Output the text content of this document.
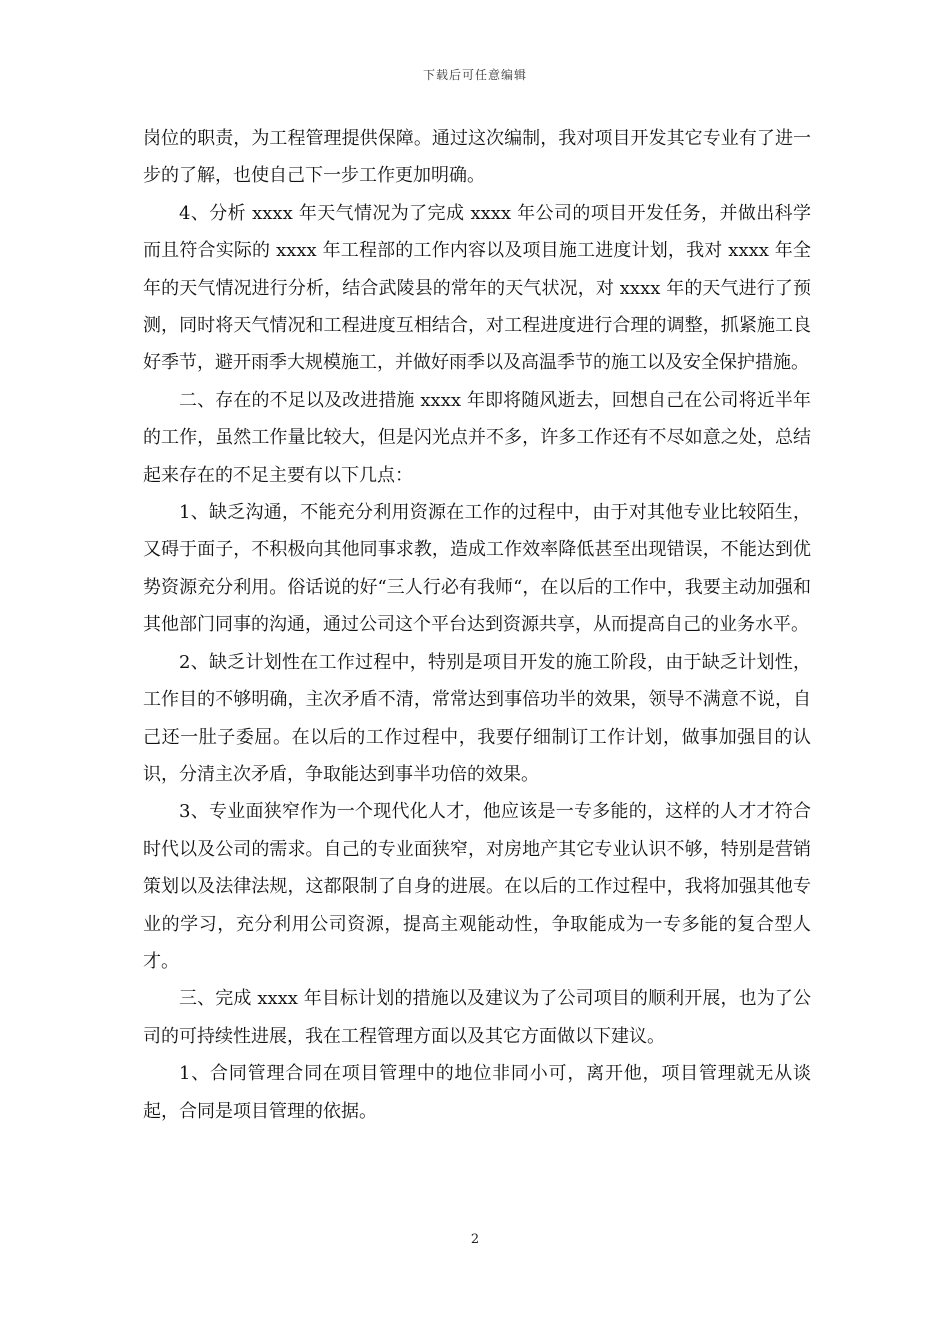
下载后可任意编辑

岗位的职责，为工程管理提供保障。通过这次编制，我对项目开发其它专业有了进一步的了解，也使自己下一步工作更加明确。

4、分析 xxxx 年天气情况为了完成 xxxx 年公司的项目开发任务，并做出科学而且符合实际的 xxxx 年工程部的工作内容以及项目施工进度计划，我对 xxxx 年全年的天气情况进行分析，结合武陵县的常年的天气状况，对 xxxx 年的天气进行了预测，同时将天气情况和工程进度互相结合，对工程进度进行合理的调整，抓紧施工良好季节，避开雨季大规模施工，并做好雨季以及高温季节的施工以及安全保护措施。

二、存在的不足以及改进措施 xxxx 年即将随风逝去，回想自己在公司将近半年的工作，虽然工作量比较大，但是闪光点并不多，许多工作还有不尽如意之处，总结起来存在的不足主要有以下几点：

1、缺乏沟通，不能充分利用资源在工作的过程中，由于对其他专业比较陌生，又碍于面子，不积极向其他同事求教，造成工作效率降低甚至出现错误，不能达到优势资源充分利用。俗话说的好“三人行必有我师“，在以后的工作中，我要主动加强和其他部门同事的沟通，通过公司这个平台达到资源共享，从而提高自己的业务水平。

2、缺乏计划性在工作过程中，特别是项目开发的施工阶段，由于缺乏计划性，工作目的不够明确，主次矛盾不清，常常达到事倍功半的效果，领导不满意不说，自己还一肚子委屈。在以后的工作过程中，我要仔细制订工作计划，做事加强目的认识，分清主次矛盾，争取能达到事半功倍的效果。

3、专业面狭窄作为一个现代化人才，他应该是一专多能的，这样的人才才符合时代以及公司的需求。自己的专业面狭窄，对房地产其它专业认识不够，特别是营销策划以及法律法规，这都限制了自身的进展。在以后的工作过程中，我将加强其他专业的学习，充分利用公司资源，提高主观能动性，争取能成为一专多能的复合型人才。

三、完成 xxxx 年目标计划的措施以及建议为了公司项目的顺利开展，也为了公司的可持续性进展，我在工程管理方面以及其它方面做以下建议。

1、合同管理合同在项目管理中的地位非同小可，离开他，项目管理就无从谈起，合同是项目管理的依据。

2
